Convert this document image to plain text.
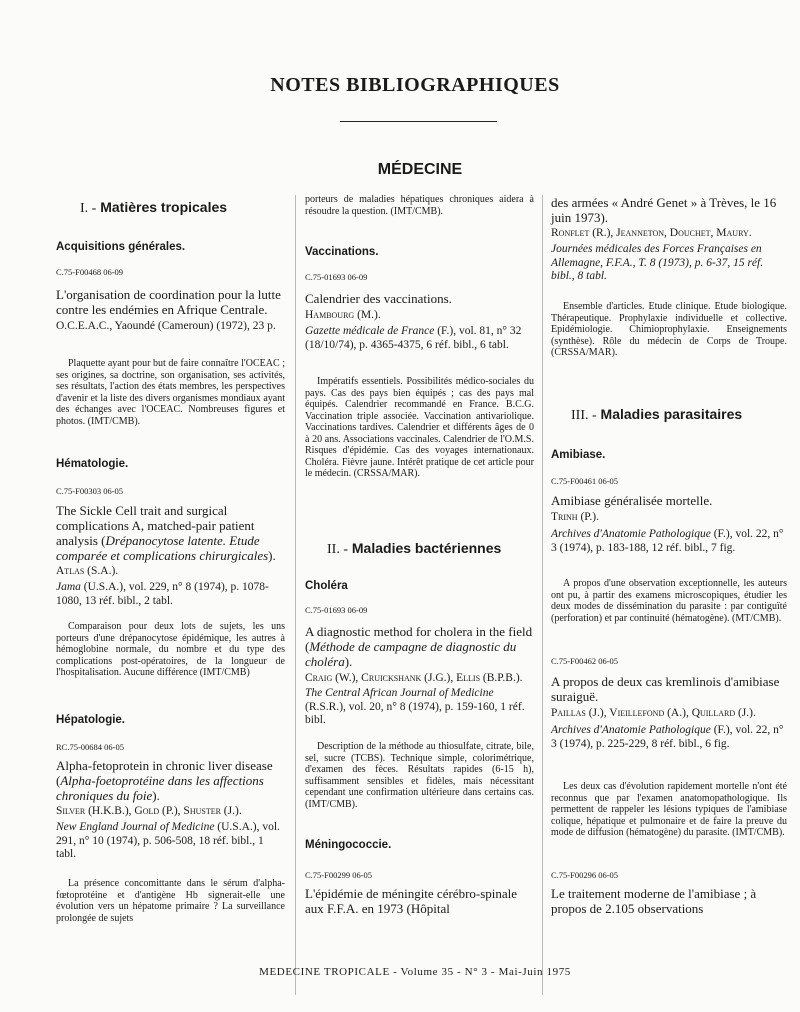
NOTES BIBLIOGRAPHIQUES
MÉDECINE
I. - Matières tropicales
Acquisitions générales.
C.75-F00468 06-09
L'organisation de coordination pour la lutte contre les endémies en Afrique Centrale.
O.C.E.A.C., Yaoundé (Cameroun) (1972), 23 p.
Plaquette ayant pour but de faire connaître l'OCEAC ; ses origines, sa doctrine, son organisation, ses activités, ses résultats, l'action des états membres, les perspectives d'avenir et la liste des divers organismes mondiaux ayant des échanges avec l'OCEAC. Nombreuses figures et photos. (IMT/CMB).
Hématologie.
C.75-F00303 06-05
The Sickle Cell trait and surgical complications A, matched-pair patient analysis (Drépanocytose latente. Etude comparée et complications chirurgicales).
Atlas (S.A.).
Jama (U.S.A.), vol. 229, n° 8 (1974), p. 1078-1080, 13 réf. bibl., 2 tabl.
Comparaison pour deux lots de sujets, les uns porteurs d'une drépanocytose épidémique, les autres à hémoglobine normale, du nombre et du type des complications post-opératoires, de la longueur de l'hospitalisation. Aucune différence (IMT/CMB)
Hépatologie.
RC.75-00684 06-05
Alpha-fetoprotein in chronic liver disease (Alpha-foetoprotéine dans les affections chroniques du foie).
Silver (H.K.B.), Gold (P.), Shuster (J.).
New England Journal of Medicine (U.S.A.), vol. 291, n° 10 (1974), p. 506-508, 18 réf. bibl., 1 tabl.
La présence concomittante dans le sérum d'alpha-fœtoprotéine et d'antigène Hb signerait-elle une évolution vers un hépatome primaire ? La surveillance prolongée de sujets
porteurs de maladies hépatiques chroniques aidera à résoudre la question. (IMT/CMB).
Vaccinations.
C.75-01693 06-09
Calendrier des vaccinations.
Hambourg (M.).
Gazette médicale de France (F.), vol. 81, n° 32 (18/10/74), p. 4365-4375, 6 réf. bibl., 6 tabl.
Impératifs essentiels. Possibilités médico-sociales du pays. Cas des pays bien équipés ; cas des pays mal équipés. Calendrier recommandé en France. B.C.G. Vaccination triple associée. Vaccination antivariolique. Vaccinations tardives. Calendrier et différents âges de 0 à 20 ans. Associations vaccinales. Calendrier de l'O.M.S. Risques d'épidémie. Cas des voyages internationaux. Choléra. Fièvre jaune. Intérêt pratique de cet article pour le médecin. (CRSSA/MAR).
II. - Maladies bactériennes
Choléra
C.75-01693 06-09
A diagnostic method for cholera in the field (Méthode de campagne de diagnostic du choléra).
Craig (W.), Cruickshank (J.G.), Ellis (B.P.B.).
The Central African Journal of Medicine (R.S.R.), vol. 20, n° 8 (1974), p. 159-160, 1 réf. bibl.
Description de la méthode au thiosulfate, citrate, bile, sel, sucre (TCBS). Technique simple, colorimétrique, d'examen des fèces. Résultats rapides (6-15 h), suffisamment sensibles et fidèles, mais nécessitant cependant une confirmation ultérieure dans certains cas. (IMT/CMB).
Méningococcie.
C.75-F00299 06-05
L'épidémie de méningite cérébro-spinale aux F.F.A. en 1973 (Hôpital
des armées « André Genet » à Trèves, le 16 juin 1973).
Ronflet (R.), Jeanneton, Douchet, Maury.
Journées médicales des Forces Françaises en Allemagne, F.F.A., T. 8 (1973), p. 6-37, 15 réf. bibl., 8 tabl.
Ensemble d'articles. Etude clinique. Etude biologique. Thérapeutique. Prophylaxie individuelle et collective. Epidémiologie. Chimioprophylaxie. Enseignements (synthèse). Rôle du médecin de Corps de Troupe. (CRSSA/MAR).
III. - Maladies parasitaires
Amibiase.
C.75-F00461 06-05
Amibiase généralisée mortelle.
Trinh (P.).
Archives d'Anatomie Pathologique (F.), vol. 22, n° 3 (1974), p. 183-188, 12 réf. bibl., 7 fig.
A propos d'une observation exceptionnelle, les auteurs ont pu, à partir des examens microscopiques, étudier les deux modes de dissémination du parasite : par contiguïté (perforation) et par continuité (hématogène). (MT/CMB).
C.75-F00462 06-05
A propos de deux cas kremlinois d'amibiase suraiguë.
Paillas (J.), Vieillefond (A.), Quillard (J.).
Archives d'Anatomie Pathologique (F.), vol. 22, n° 3 (1974), p. 225-229, 8 réf. bibl., 6 fig.
Les deux cas d'évolution rapidement mortelle n'ont été reconnus que par l'examen anatomopathologique. Ils permettent de rappeler les lésions typiques de l'amibiase colique, hépatique et pulmonaire et de faire la preuve du mode de diffusion (hématogène) du parasite. (IMT/CMB).
C.75-F00296 06-05
Le traitement moderne de l'amibiase ; à propos de 2.105 observations
MEDECINE TROPICALE - Volume 35 - N° 3 - Mai-Juin 1975
